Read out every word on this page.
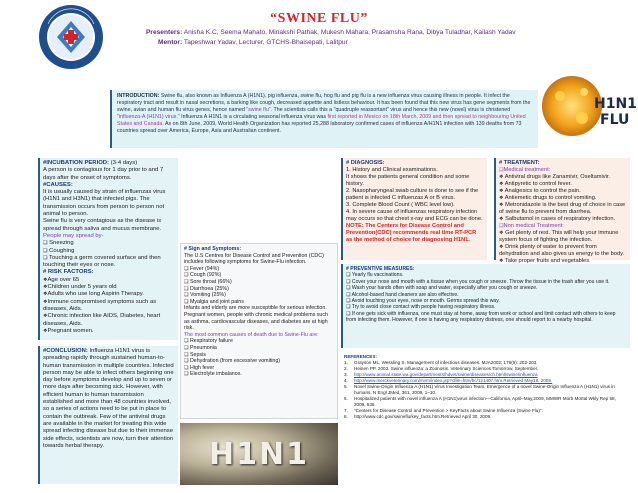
“SWINE FLU”
Presenters: Anisha K.C, Seema Mahato, Minakshi Pathak, Mukesh Mahara, Prasamsha Rana, Dibya Tuladhar, Kailash Yadav
Mentor: Tapeshwar Yadav, Lecturer, GTCHS-Bhaisepati, Lalitpur
H1N1
FLU
INTRODUCTION: Swine flu, also known as Influenza A (H1N1), pig influenza, swine flu, hog flu and pig flu is a new influenza virus causing illness in people. It infect the respiratory tract and result in nasal secretions, a barking like cough, decreased appetite and listless behaviour. It has been found that this new virus has gene segments from the swine, avian and human flu virus genes, hence named "swine flu". The scientists calls this a "quadruple reassortant" virus and hence this new (novel) virus is christened "influenza-A (H1N1) virus." Influenza A H1N1 is a circulating seasonal influenza virus was first reported in Mexico on 18th March, 2009 and then spread to neighbouring United States and Canada. As on 8th June, 2009, World Health Organization has reported 25,288 laboratory confirmed cases of influenza A/H1N1 infection with 139 deaths from 73 countries spread over America, Europe, Asia and Australian continent.
#INCUBATION PERIOD: (3-4 days)
A person is contagious for 1 day prior to and 7 days after the onset of symptoms.
#CAUSES:
It is usually caused by strain of influenzas virus (H1N1 and H3N1) that infected pigs. The transmission occurs from person to person not animal to person.
Swine flu is very contagious as the disease is spread through saliva and mucus membrane.
People may spread by-
❑ Sneezing
❑ Coughing
❑ Touching a germ covered surface and then touching their eyes or nose.
# RISK FACTORS:
❖Age over 65
❖Children under 5 years old
❖Adults who use long Aspirin Therapy.
❖Immune compromised symptoms such as diseases, Aids.
❖Chronic infection like AIDS, Diabetes, heart diseases, Aids.
❖Pregnant women.
#CONCLUSION: Influenza H1N1 virus is spreading rapidly through sustained human-to-human transmission in multiple countries. Infected person may be able to infect others beginning one day before symptoms develop and up to seven or more days after becoming sick. However, with efficient human to human transmission established and more than 48 countries involved, so a series of actions need to be put in place to contain the outbreak. Few of the antiviral drugs are available in the market for treating this wide spread infecting disease but due to their immense side effects, scientists are now, turn their attention towards herbal therapy.
# Sign and Symptoms:
The U.S Centres for Disease Control and Prevention (CDC) includes following symptoms for Swine-Flu infection.
❑ Fever (94%)
❑ Cough (92%)
❑ Sore throat (66%)
❑ Diarrhoea (25%)
❑ Vomiting (25%)
❑ Myalgia and joint pains
Infants and elderly are more susceptible for serious infection. Pregnant women, people with chronic medical problems such as asthma, cardiovascular diseases, and diabetes are at high risk.
The most common causes of death due to Swine-Flu are:
❑ Respiratory failure
❑ Pneumonia
❑ Sepsis
❑ Dehydration (from excessive vomiting)
❑ High fever
❑ Electrolyte imbalance.
H1N1
# DIAGNOSIS:
1. History and Clinical examinations.
It shows the patients general condition and some history.
2. Nasopharyngeal swab culture is done to see if the patient is infected C influenzas A or B virus.
3. Complete Blood Count ( WBC level low).
4. In severe cause of influenzas respiratory infection may occurs so that chest x-ray and ECG can be done.
NOTE: The Centers for Disease Control and Prevention(CDC) recommends real time RT-PCR as the method of choice for diagnosing H1N1.
# TREATMENT:
❑Medical treatment:
❖ Antiviral drugs like Zanamivir, Oseltamivir.
❖ Antipyretic to control fever.
❖ Analgesics to control the pain.
❖ Antiemetic drugs to control vomiting.
❖ Metronidazole is the best drug of choice in case of swine flu to prevent from diarrhea.
❖ Salbutamol in cases of respiratory infection.
❑Non medical Treatment:
❖ Get plenty of rest. This will help your immune system focus of fighting the infection.
❖ Drink plenty of water to prevent from dehydration and also gives us energy to the body.
❖ Take proper fruits and vegetables.
# PREVENTIVE MEASURES:
❑ Yearly flu vaccinations.
❑ Cover your nose and mouth with a tissue when you cough or sneeze. Throw the tissue in the trash after you use it.
❑ Wash your hands often with soap and water, especially after you cough or sneeze.
❑ Alcohol-based hand cleaners are also effective.
❑ Avoid touching your eyes, nose or mouth. Germs spread this way.
❑ Try to avoid close contact with people having respiratory illness.
❑ If one gets sick with influenza, one must stay at home, away from work or school and limit contact with others to keep from infecting them. However, if one is having any respiratory distress, one should report to a nearby hospital.
REFERENCES:
1.	Grayson ML, Wessling S. Management of infectious diseases. MJA2002; 176(5): 202-203.
2.	Heinen PP. 2003. Swine influenza: a Zoonosis. Veterinary Sciences Tomorrow, September.
3.	http://www.animal.state.wa.gov/departments/hdvet/swine/diseases/ch.html/swine/influenza
4.	http://www.merckveterinary.com/mvm/index.jsp?cfile=htm/bc/121407.htm.Retrieved May19, 2009.
5.	Novel Swine-Origin Influenza A (H1N1) Virus Investigation Team. Emergence of a novel Swine-Origin Influenza A (H1N1) virus in humans, N Engl JMed, 361, 2009, 1–10.
6.	Hospitalized patients with novel influenza A (H1N1)virus infection—California, April–May,2009, MMWR Morb Mortal Wkly Rep 58, 2009, 536.
7.	"Centers for Disease Control and Prevention > KeyFacts about Swine Influenza (Swine Flu)".
8.	http://www.cdc.gov/swineflu/key_facts.htm.Retrieved April 30, 2009.
